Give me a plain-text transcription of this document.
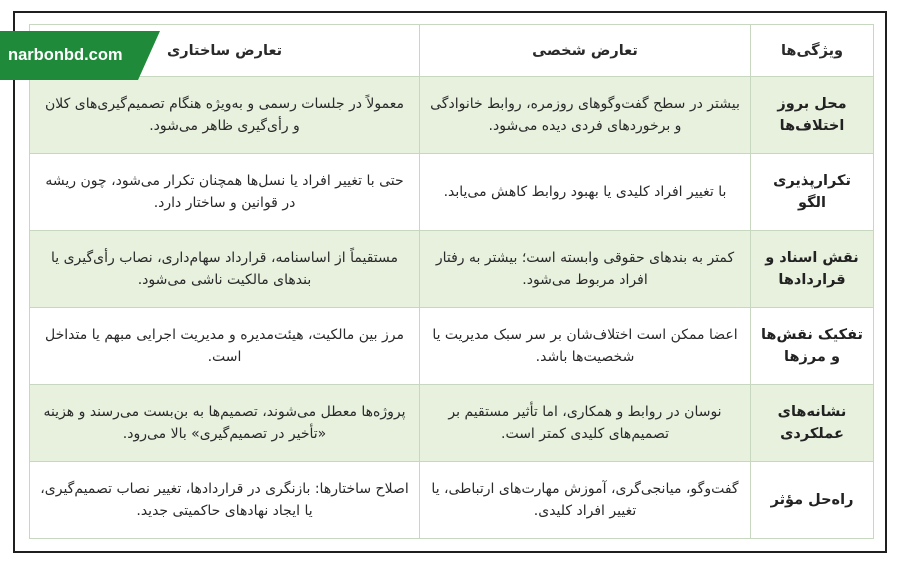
تعارض ساختاری	تعارض شخصی	ویژگی‌ها
معمولاً در جلسات رسمی و به‌ویژه هنگام تصمیم‌گیری‌های کلان و رأی‌گیری ظاهر می‌شود.
بیشتر در سطح گفت‌وگوهای روزمره، روابط خانوادگی و برخوردهای فردی دیده می‌شود.
محل بروز اختلاف‌ها
حتی با تغییر افراد یا نسل‌ها همچنان تکرار می‌شود، چون ریشه در قوانین و ساختار دارد.
با تغییر افراد کلیدی یا بهبود روابط کاهش می‌یابد.
تکرارپذیری الگو
مستقیماً از اساسنامه، قرارداد سهام‌داری، نصاب رأی‌گیری یا بندهای مالکیت ناشی می‌شود.
کمتر به بندهای حقوقی وابسته است؛ بیشتر به رفتار افراد مربوط می‌شود.
نقش اسناد و قراردادها
مرز بین مالکیت، هیئت‌مدیره و مدیریت اجرایی مبهم یا متداخل است.
اعضا ممکن است اختلاف‌شان بر سر سبک مدیریت یا شخصیت‌ها باشد.
تفکیک نقش‌ها و مرزها
پروژه‌ها معطل می‌شوند، تصمیم‌ها به بن‌بست می‌رسند و هزینه «تأخیر در تصمیم‌گیری» بالا می‌رود.
نوسان در روابط و همکاری، اما تأثیر مستقیم بر تصمیم‌های کلیدی کمتر است.
نشانه‌های عملکردی
اصلاح ساختارها: بازنگری در قراردادها، تغییر نصاب تصمیم‌گیری، یا ایجاد نهادهای حاکمیتی جدید.
گفت‌وگو، میانجی‌گری، آموزش مهارت‌های ارتباطی، یا تغییر افراد کلیدی.
راه‌حل مؤثر
narbonbd.com
